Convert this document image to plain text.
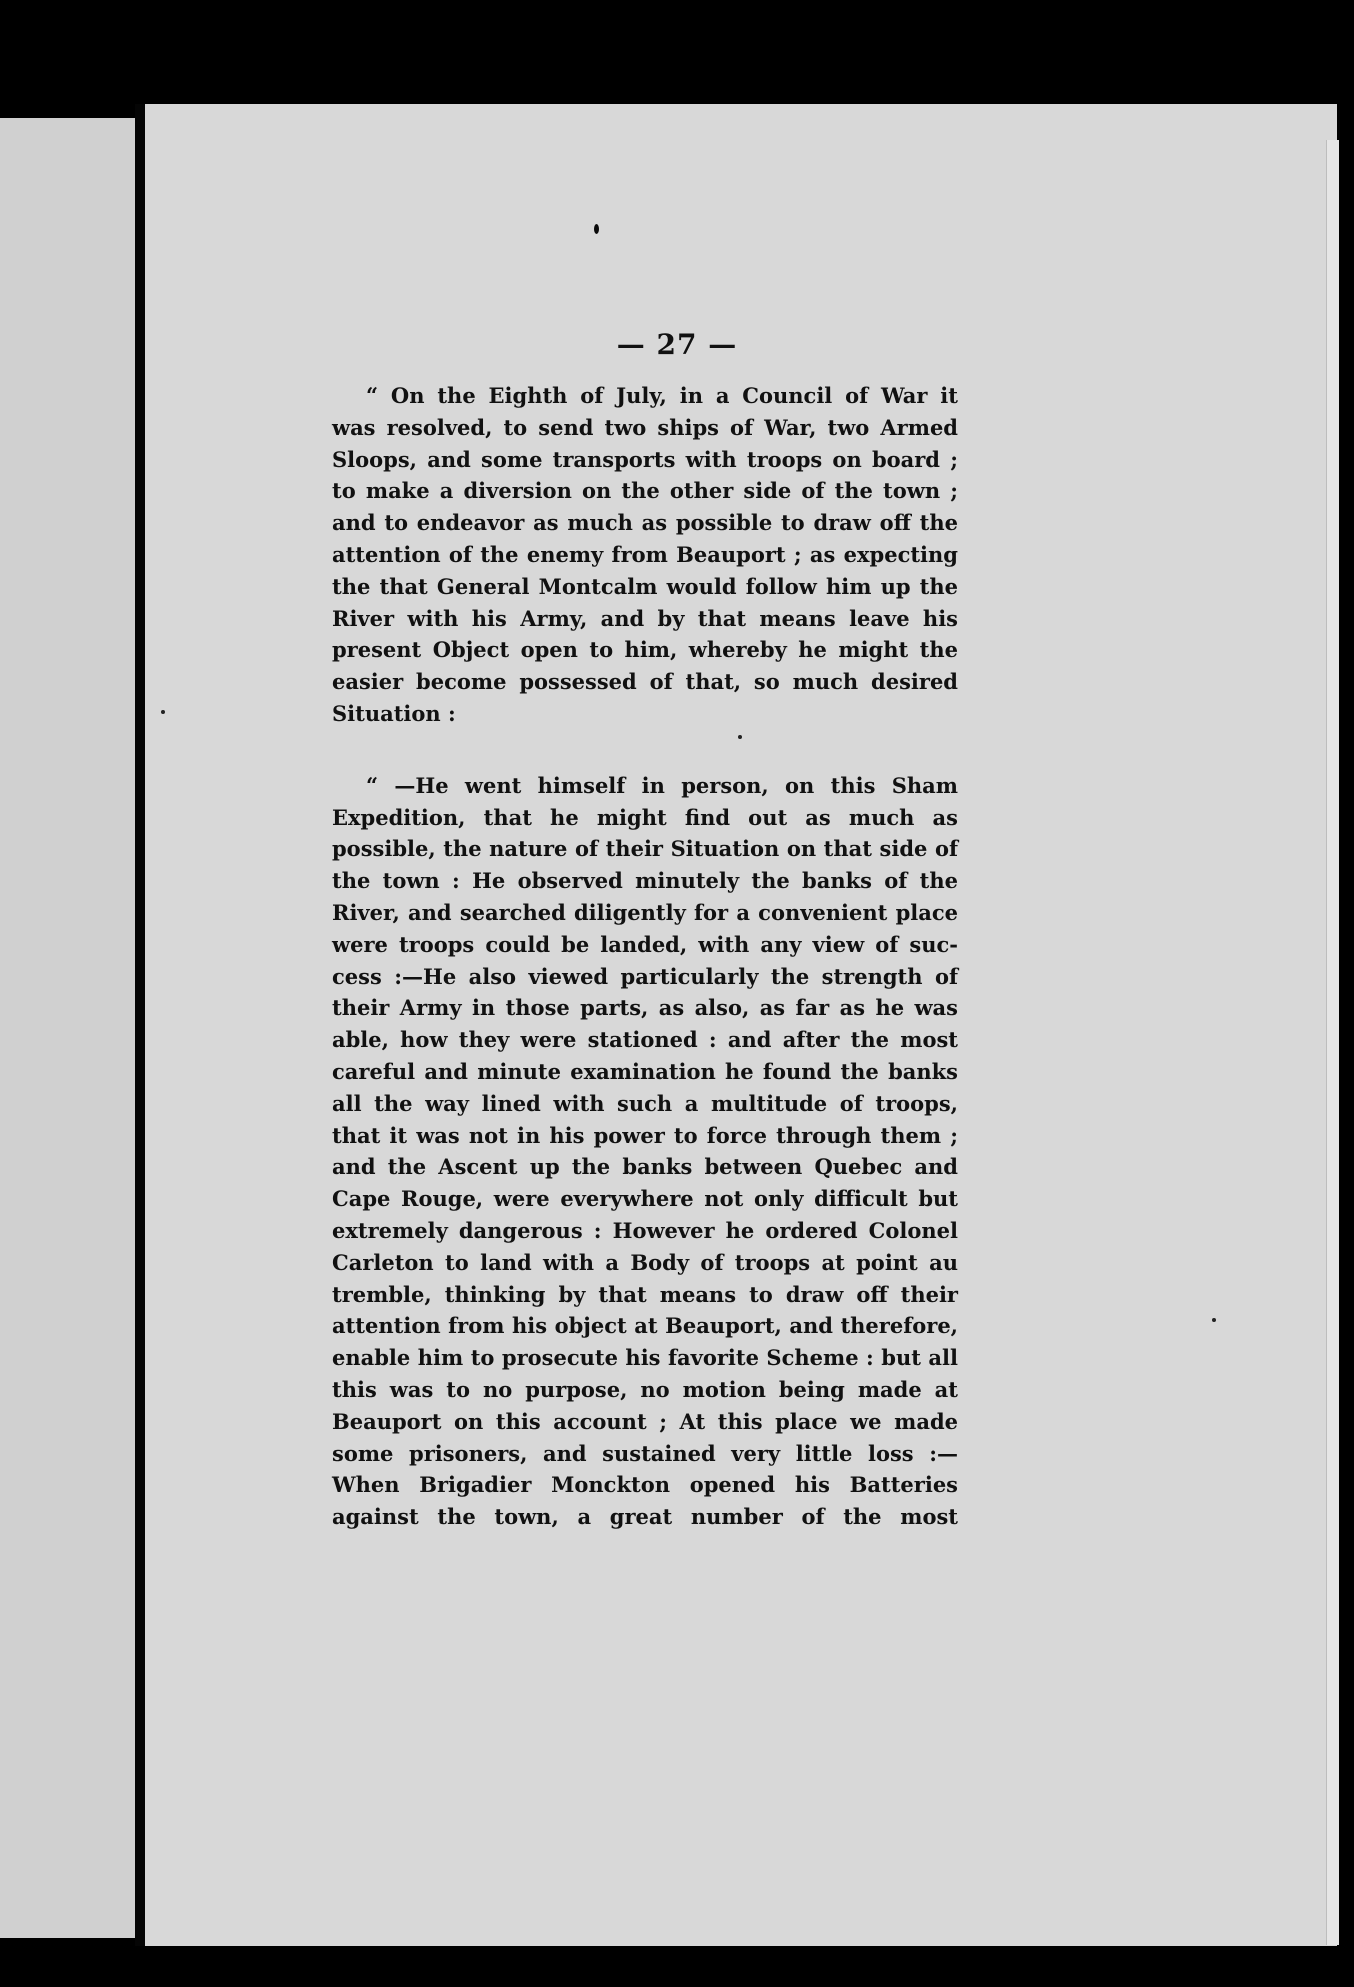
— 27 —
“ On the Eighth of July, in a Council of War it
was resolved, to send two ships of War, two Armed
Sloops, and some transports with troops on board ;
to make a diversion on the other side of the town ;
and to endeavor as much as possible to draw off the
attention of the enemy from Beauport ; as expecting
the that General Montcalm would follow him up the
River with his Army, and by that means leave his
present Object open to him, whereby he might the
easier become possessed of that, so much desired
Situation :
“ —He went himself in person, on this Sham
Expedition, that he might find out as much as
possible, the nature of their Situation on that side of
the town : He observed minutely the banks of the
River, and searched diligently for a convenient place
were troops could be landed, with any view of suc-
cess :—He also viewed particularly the strength of
their Army in those parts, as also, as far as he was
able, how they were stationed : and after the most
careful and minute examination he found the banks
all the way lined with such a multitude of troops,
that it was not in his power to force through them ;
and the Ascent up the banks between Quebec and
Cape Rouge, were everywhere not only difficult but
extremely dangerous : However he ordered Colonel
Carleton to land with a Body of troops at point au
tremble, thinking by that means to draw off their
attention from his object at Beauport, and therefore,
enable him to prosecute his favorite Scheme : but all
this was to no purpose, no motion being made at
Beauport on this account ; At this place we made
some prisoners, and sustained very little loss :—
When Brigadier Monckton opened his Batteries
against the town, a great number of the most
